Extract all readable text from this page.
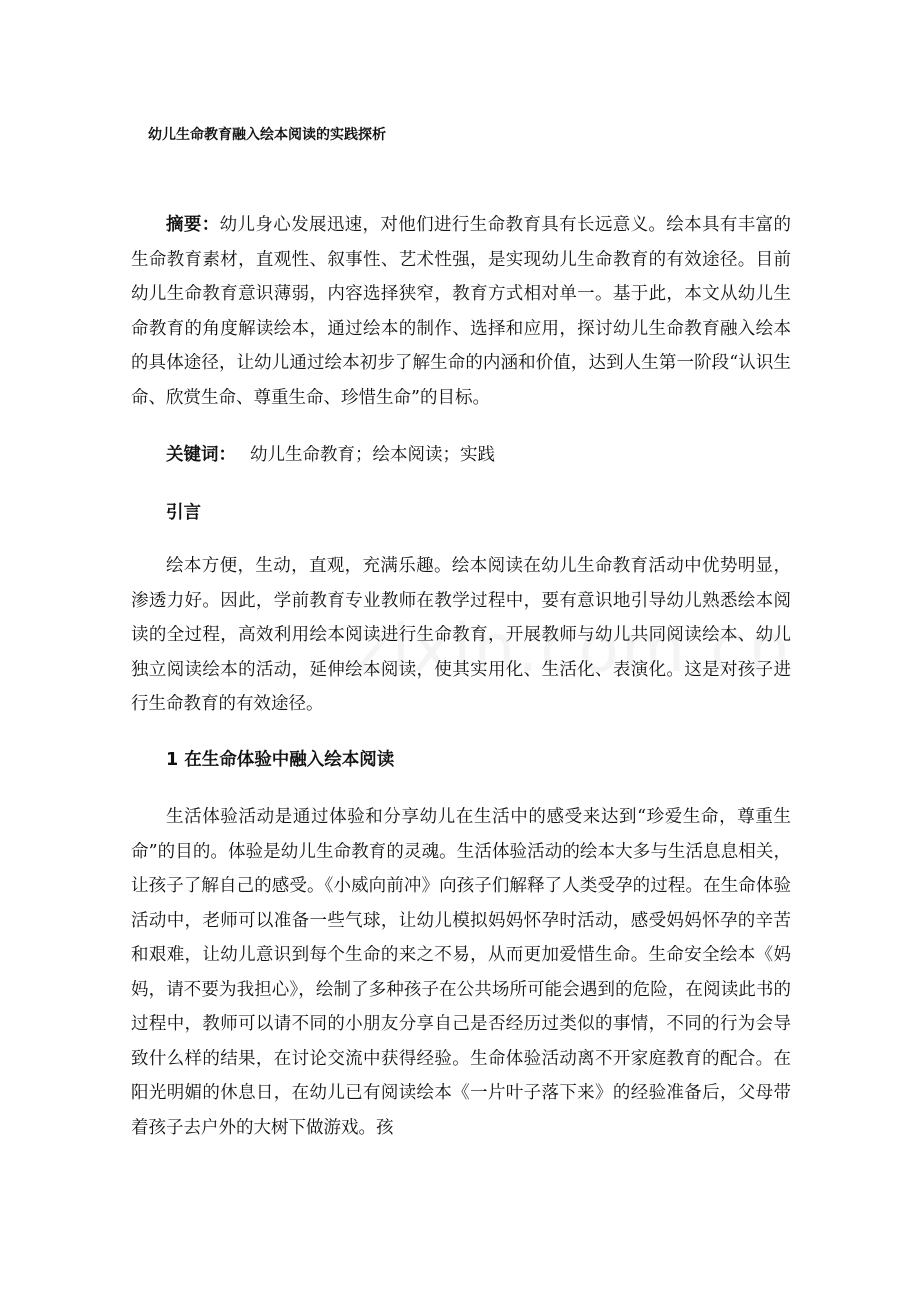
幼儿生命教育融入绘本阅读的实践探析

摘要：幼儿身心发展迅速，对他们进行生命教育具有长远意义。绘本具有丰富的生命教育素材，直观性、叙事性、艺术性强，是实现幼儿生命教育的有效途径。目前幼儿生命教育意识薄弱，内容选择狭窄，教育方式相对单一。基于此，本文从幼儿生命教育的角度解读绘本，通过绘本的制作、选择和应用，探讨幼儿生命教育融入绘本的具体途径，让幼儿通过绘本初步了解生命的内涵和价值，达到人生第一阶段“认识生命、欣赏生命、尊重生命、珍惜生命”的目标。

关键词： 幼儿生命教育；绘本阅读；实践

引言

绘本方便，生动，直观，充满乐趣。绘本阅读在幼儿生命教育活动中优势明显，渗透力好。因此，学前教育专业教师在教学过程中，要有意识地引导幼儿熟悉绘本阅读的全过程，高效利用绘本阅读进行生命教育，开展教师与幼儿共同阅读绘本、幼儿独立阅读绘本的活动，延伸绘本阅读，使其实用化、生活化、表演化。这是对孩子进行生命教育的有效途径。

1 在生命体验中融入绘本阅读

生活体验活动是通过体验和分享幼儿在生活中的感受来达到“珍爱生命，尊重生命”的目的。体验是幼儿生命教育的灵魂。生活体验活动的绘本大多与生活息息相关，让孩子了解自己的感受。《小威向前冲》向孩子们解释了人类受孕的过程。在生命体验活动中，老师可以准备一些气球，让幼儿模拟妈妈怀孕时活动，感受妈妈怀孕的辛苦和艰难，让幼儿意识到每个生命的来之不易，从而更加爱惜生命。生命安全绘本《妈妈，请不要为我担心》，绘制了多种孩子在公共场所可能会遇到的危险，在阅读此书的过程中，教师可以请不同的小朋友分享自己是否经历过类似的事情，不同的行为会导致什么样的结果，在讨论交流中获得经验。生命体验活动离不开家庭教育的配合。在阳光明媚的休息日，在幼儿已有阅读绘本《一片叶子落下来》的经验准备后，父母带着孩子去户外的大树下做游戏。孩
